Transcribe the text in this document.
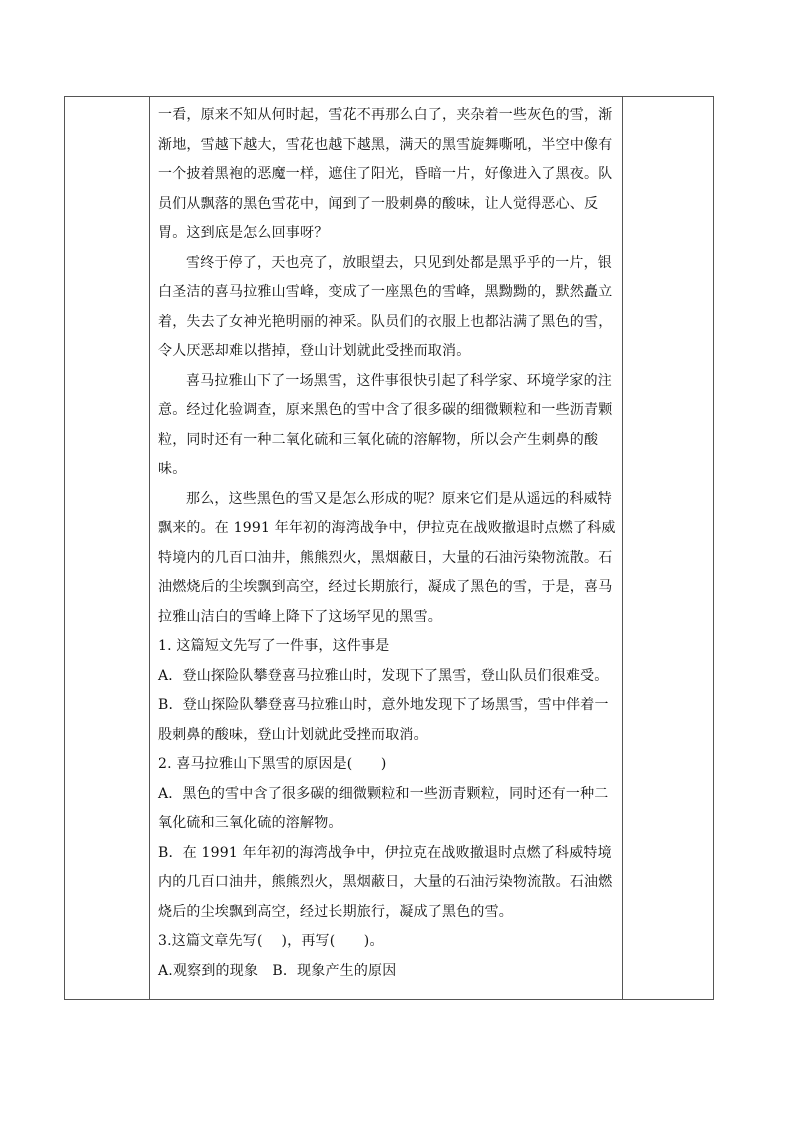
一看，原来不知从何时起，雪花不再那么白了，夹杂着一些灰色的雪，渐渐地，雪越下越大，雪花也越下越黑，满天的黑雪旋舞嘶吼，半空中像有一个披着黑袍的恶魔一样，遮住了阳光，昏暗一片，好像进入了黑夜。队员们从飘落的黑色雪花中，闻到了一股刺鼻的酸味，让人觉得恶心、反胃。这到底是怎么回事呀？

雪终于停了，天也亮了，放眼望去，只见到处都是黑乎乎的一片，银白圣洁的喜马拉雅山雪峰，变成了一座黑色的雪峰，黑黝黝的，默然矗立着，失去了女神光艳明丽的神采。队员们的衣服上也都沾满了黑色的雪，令人厌恶却难以揩掉，登山计划就此受挫而取消。

喜马拉雅山下了一场黑雪，这件事很快引起了科学家、环境学家的注意。经过化验调查，原来黑色的雪中含了很多碳的细微颗粒和一些沥青颗粒，同时还有一种二氧化硫和三氧化硫的溶解物，所以会产生刺鼻的酸味。

那么，这些黑色的雪又是怎么形成的呢？原来它们是从遥远的科威特飘来的。在 1991 年年初的海湾战争中，伊拉克在战败撤退时点燃了科威特境内的几百口油井，熊熊烈火，黑烟蔽日，大量的石油污染物流散。石油燃烧后的尘埃飘到高空，经过长期旅行，凝成了黑色的雪，于是，喜马拉雅山洁白的雪峰上降下了这场罕见的黑雪。

1. 这篇短文先写了一件事，这件事是

A．登山探险队攀登喜马拉雅山时，发现下了黑雪，登山队员们很难受。

B．登山探险队攀登喜马拉雅山时，意外地发现下了场黑雪，雪中伴着一股刺鼻的酸味，登山计划就此受挫而取消。

2. 喜马拉雅山下黑雪的原因是(　　)

A．黑色的雪中含了很多碳的细微颗粒和一些沥青颗粒，同时还有一种二氧化硫和三氧化硫的溶解物。

B．在 1991 年年初的海湾战争中，伊拉克在战败撤退时点燃了科威特境内的几百口油井，熊熊烈火，黑烟蔽日，大量的石油污染物流散。石油燃烧后的尘埃飘到高空，经过长期旅行，凝成了黑色的雪。

3.这篇文章先写(　 )，再写(　　)。

A.观察到的现象　B．现象产生的原因
